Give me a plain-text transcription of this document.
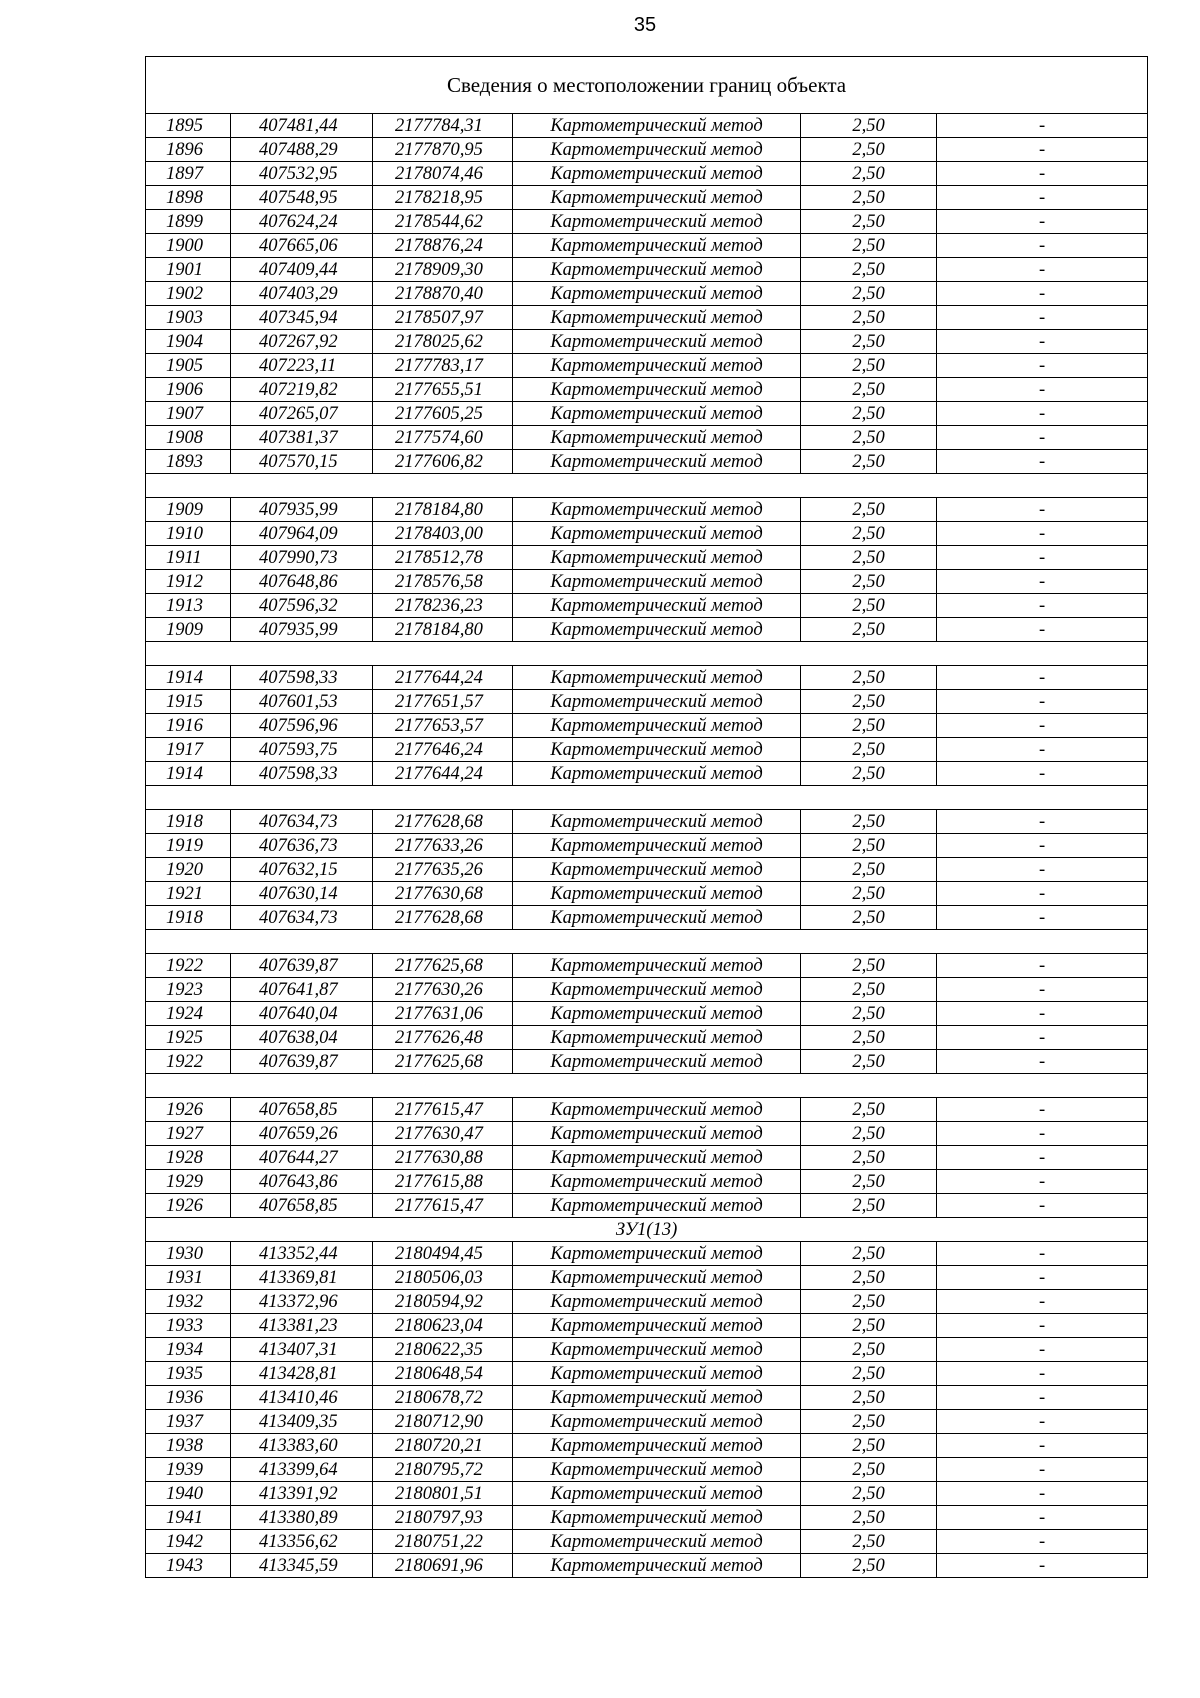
35
Сведения о местоположении границ объекта					
1895	407481,44	2177784,31	Картометрический метод	2,50	-
1896	407488,29	2177870,95	Картометрический метод	2,50	-
1897	407532,95	2178074,46	Картометрический метод	2,50	-
1898	407548,95	2178218,95	Картометрический метод	2,50	-
1899	407624,24	2178544,62	Картометрический метод	2,50	-
1900	407665,06	2178876,24	Картометрический метод	2,50	-
1901	407409,44	2178909,30	Картометрический метод	2,50	-
1902	407403,29	2178870,40	Картометрический метод	2,50	-
1903	407345,94	2178507,97	Картометрический метод	2,50	-
1904	407267,92	2178025,62	Картометрический метод	2,50	-
1905	407223,11	2177783,17	Картометрический метод	2,50	-
1906	407219,82	2177655,51	Картометрический метод	2,50	-
1907	407265,07	2177605,25	Картометрический метод	2,50	-
1908	407381,37	2177574,60	Картометрический метод	2,50	-
1893	407570,15	2177606,82	Картометрический метод	2,50	-

1909	407935,99	2178184,80	Картометрический метод	2,50	-
1910	407964,09	2178403,00	Картометрический метод	2,50	-
1911	407990,73	2178512,78	Картометрический метод	2,50	-
1912	407648,86	2178576,58	Картометрический метод	2,50	-
1913	407596,32	2178236,23	Картометрический метод	2,50	-
1909	407935,99	2178184,80	Картометрический метод	2,50	-

1914	407598,33	2177644,24	Картометрический метод	2,50	-
1915	407601,53	2177651,57	Картометрический метод	2,50	-
1916	407596,96	2177653,57	Картометрический метод	2,50	-
1917	407593,75	2177646,24	Картометрический метод	2,50	-
1914	407598,33	2177644,24	Картометрический метод	2,50	-

1918	407634,73	2177628,68	Картометрический метод	2,50	-
1919	407636,73	2177633,26	Картометрический метод	2,50	-
1920	407632,15	2177635,26	Картометрический метод	2,50	-
1921	407630,14	2177630,68	Картометрический метод	2,50	-
1918	407634,73	2177628,68	Картометрический метод	2,50	-

1922	407639,87	2177625,68	Картометрический метод	2,50	-
1923	407641,87	2177630,26	Картометрический метод	2,50	-
1924	407640,04	2177631,06	Картометрический метод	2,50	-
1925	407638,04	2177626,48	Картометрический метод	2,50	-
1922	407639,87	2177625,68	Картометрический метод	2,50	-

1926	407658,85	2177615,47	Картометрический метод	2,50	-
1927	407659,26	2177630,47	Картометрический метод	2,50	-
1928	407644,27	2177630,88	Картометрический метод	2,50	-
1929	407643,86	2177615,88	Картометрический метод	2,50	-
1926	407658,85	2177615,47	Картометрический метод	2,50	-
ЗУ1(13)					
1930	413352,44	2180494,45	Картометрический метод	2,50	-
1931	413369,81	2180506,03	Картометрический метод	2,50	-
1932	413372,96	2180594,92	Картометрический метод	2,50	-
1933	413381,23	2180623,04	Картометрический метод	2,50	-
1934	413407,31	2180622,35	Картометрический метод	2,50	-
1935	413428,81	2180648,54	Картометрический метод	2,50	-
1936	413410,46	2180678,72	Картометрический метод	2,50	-
1937	413409,35	2180712,90	Картометрический метод	2,50	-
1938	413383,60	2180720,21	Картометрический метод	2,50	-
1939	413399,64	2180795,72	Картометрический метод	2,50	-
1940	413391,92	2180801,51	Картометрический метод	2,50	-
1941	413380,89	2180797,93	Картометрический метод	2,50	-
1942	413356,62	2180751,22	Картометрический метод	2,50	-
1943	413345,59	2180691,96	Картометрический метод	2,50	-
